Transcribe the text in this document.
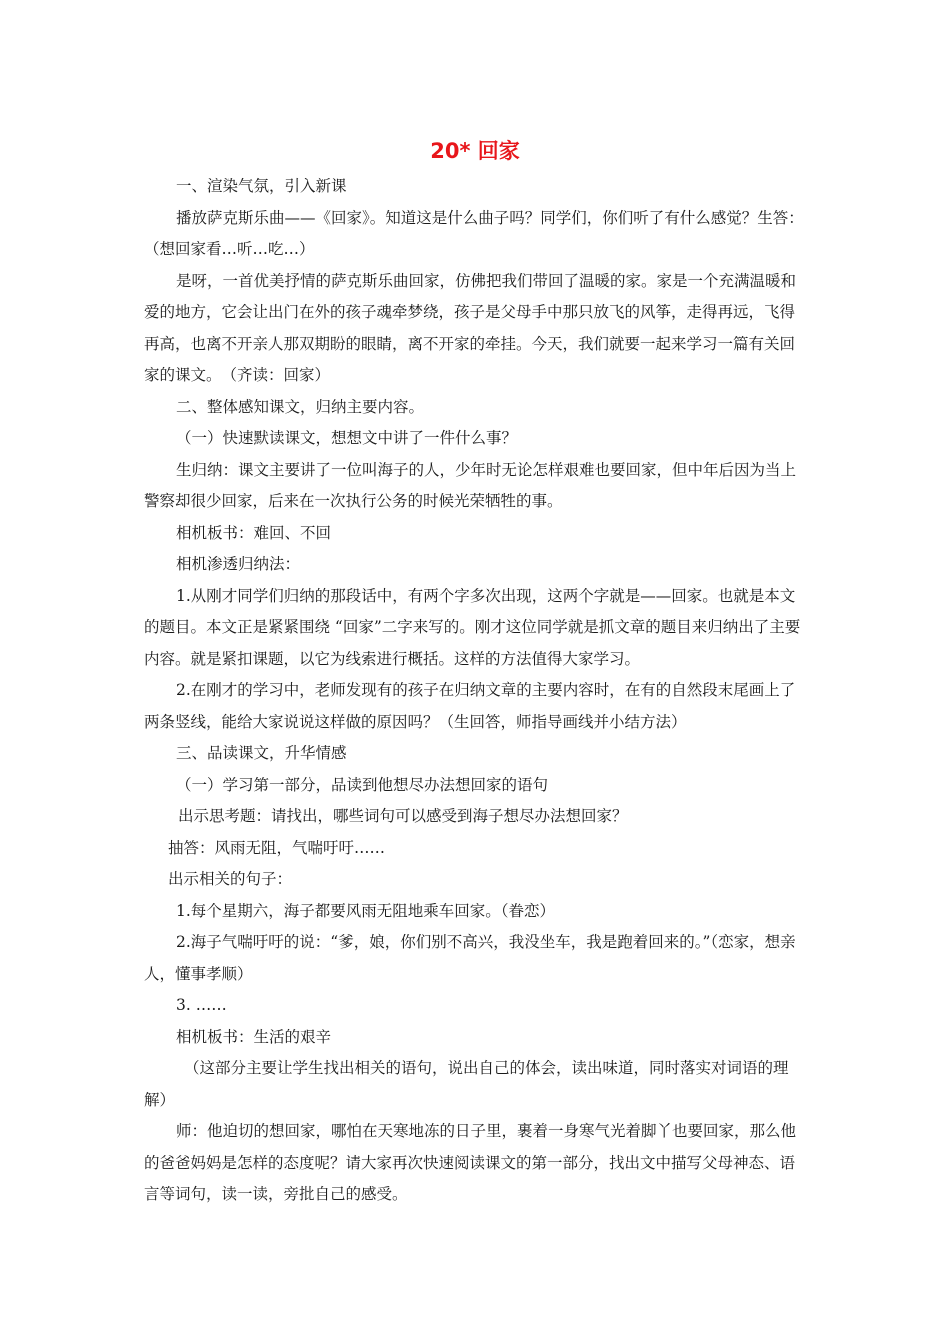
20* 回家

一、渲染气氛，引入新课

播放萨克斯乐曲——《回家》。知道这是什么曲子吗？同学们，你们听了有什么感觉？生答：（想回家看…听…吃…）

是呀，一首优美抒情的萨克斯乐曲回家，仿佛把我们带回了温暖的家。家是一个充满温暖和爱的地方，它会让出门在外的孩子魂牵梦绕，孩子是父母手中那只放飞的风筝，走得再远，飞得再高，也离不开亲人那双期盼的眼睛，离不开家的牵挂。今天，我们就要一起来学习一篇有关回家的课文。　（齐读：回家）

二、整体感知课文，归纳主要内容。

（一）快速默读课文，想想文中讲了一件什么事？

生归纳：课文主要讲了一位叫海子的人，少年时无论怎样艰难也要回家，但中年后因为当上警察却很少回家，后来在一次执行公务的时候光荣牺牲的事。

相机板书：难回、不回

相机渗透归纳法：

1.从刚才同学们归纳的那段话中，有两个字多次出现，这两个字就是——回家。也就是本文的题目。本文正是紧紧围绕 “回家”二字来写的。刚才这位同学就是抓文章的题目来归纳出了主要内容。就是紧扣课题，以它为线索进行概括。这样的方法值得大家学习。

2.在刚才的学习中，老师发现有的孩子在归纳文章的主要内容时，在有的自然段末尾画上了两条竖线，能给大家说说这样做的原因吗？（生回答，师指导画线并小结方法）

三、品读课文，升华情感

（一）学习第一部分，品读到他想尽办法想回家的语句

出示思考题：请找出，哪些词句可以感受到海子想尽办法想回家？

抽答：风雨无阻，气喘吁吁……

出示相关的句子：

1.每个星期六，海子都要风雨无阻地乘车回家。（眷恋）

2.海子气喘吁吁的说：“爹，娘，你们别不高兴，我没坐车，我是跑着回来的。”（恋家，想亲人，懂事孝顺）

3. ……

相机板书：生活的艰辛

（这部分主要让学生找出相关的语句，说出自己的体会，读出味道，同时落实对词语的理解）

师：他迫切的想回家，哪怕在天寒地冻的日子里，裹着一身寒气光着脚丫也要回家，那么他的爸爸妈妈是怎样的态度呢？请大家再次快速阅读课文的第一部分，找出文中描写父母神态、语言等词句，读一读，旁批自己的感受。
